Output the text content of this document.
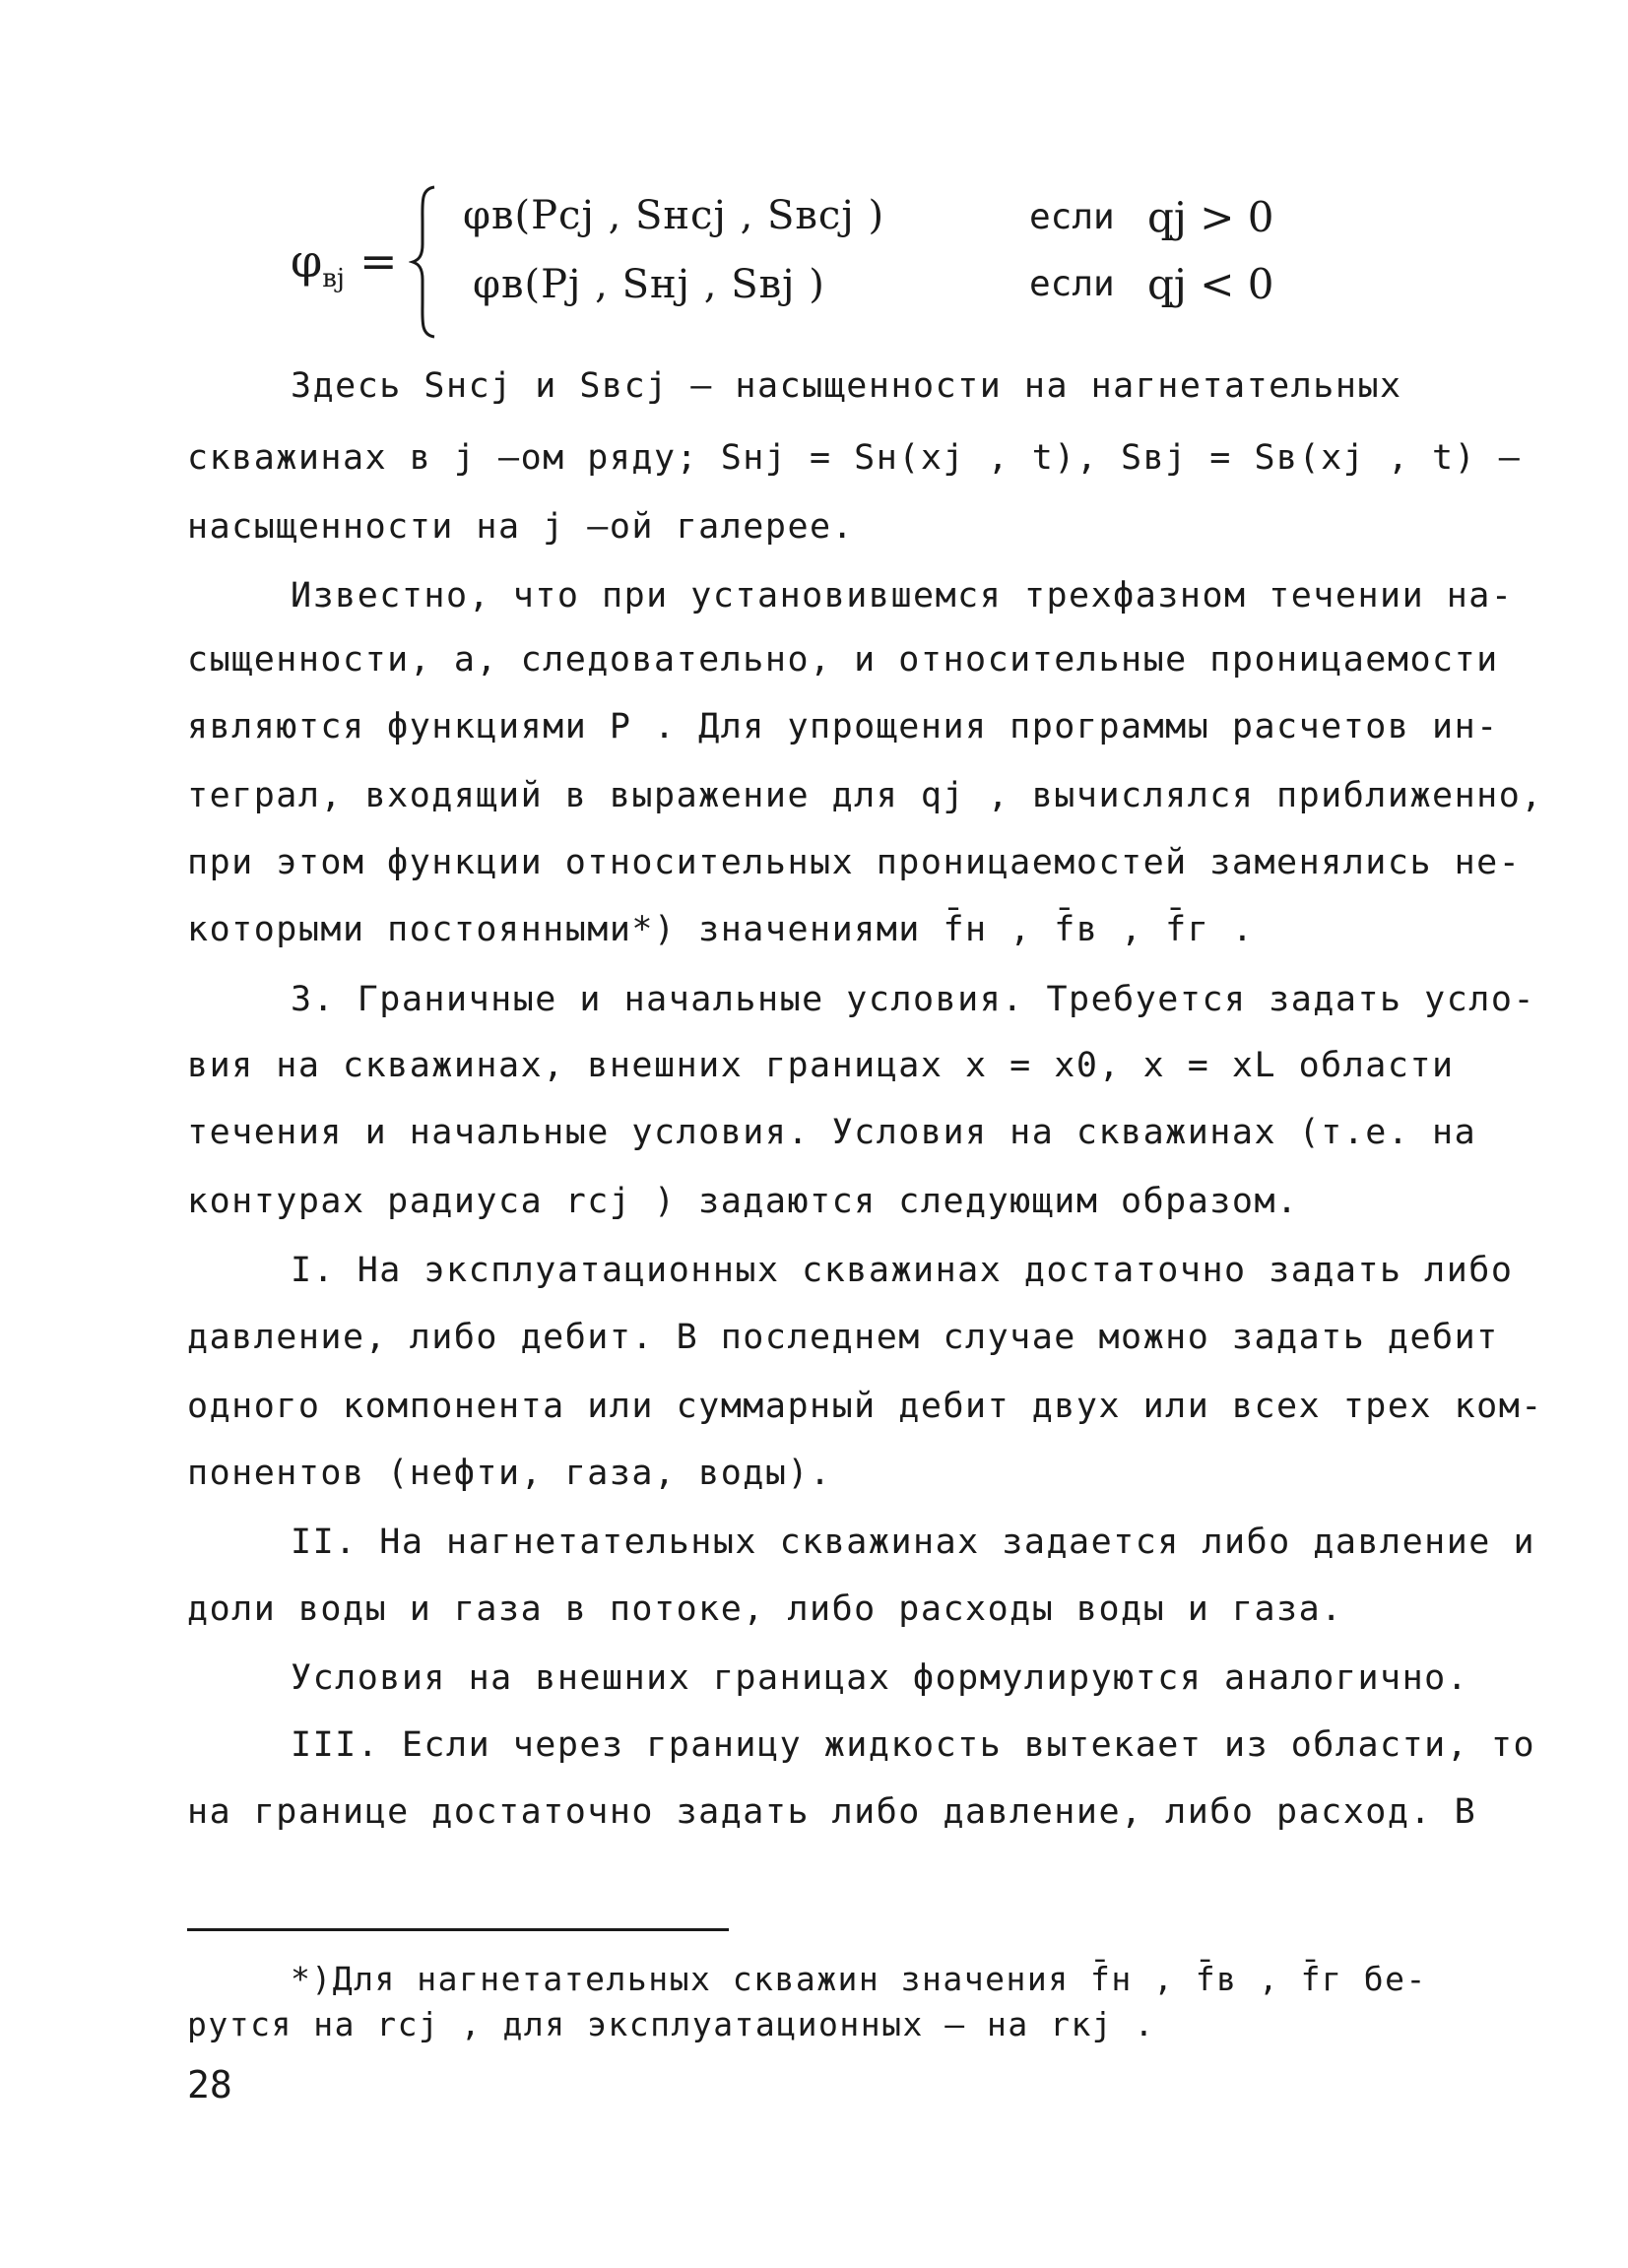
$\varphi_{вj}$ =
φв(Pcj , Sнcj , Sвcj )	если qj > 0
φв(Pj , Sнj , Sвj )	если qj < 0
Здесь Sнcj и Sвcj – насыщенности на нагнетательных
скважинах в j –ом ряду; Sнj = Sн(xj , t), Sвj = Sв(xj , t) –
насыщенности на j –ой галерее.
Известно, что при установившемся трехфазном течении на-
сыщенности, а, следовательно, и относительные проницаемости
являются функциями P . Для упрощения программы расчетов ин-
теграл, входящий в выражение для qj , вычислялся приближенно,
при этом функции относительных проницаемостей заменялись не-
которыми постоянными*) значениями f̄н , f̄в , f̄г .
3. Граничные и начальные условия. Требуется задать усло-
вия на скважинах, внешних границах x = x0, x = xL области
течения и начальные условия. Условия на скважинах (т.е. на
контурах радиуса rcj ) задаются следующим образом.
I. На эксплуатационных скважинах достаточно задать либо
давление, либо дебит. В последнем случае можно задать дебит
одного компонента или суммарный дебит двух или всех трех ком-
понентов (нефти, газа, воды).
II. На нагнетательных скважинах задается либо давление и
доли воды и газа в потоке, либо расходы воды и газа.
Условия на внешних границах формулируются аналогично.
III. Если через границу жидкость вытекает из области, то
на границе достаточно задать либо давление, либо расход. В
*)Для нагнетательных скважин значения f̄н , f̄в , f̄г бе-
рутся на rcj , для эксплуатационных – на rкj .
28
